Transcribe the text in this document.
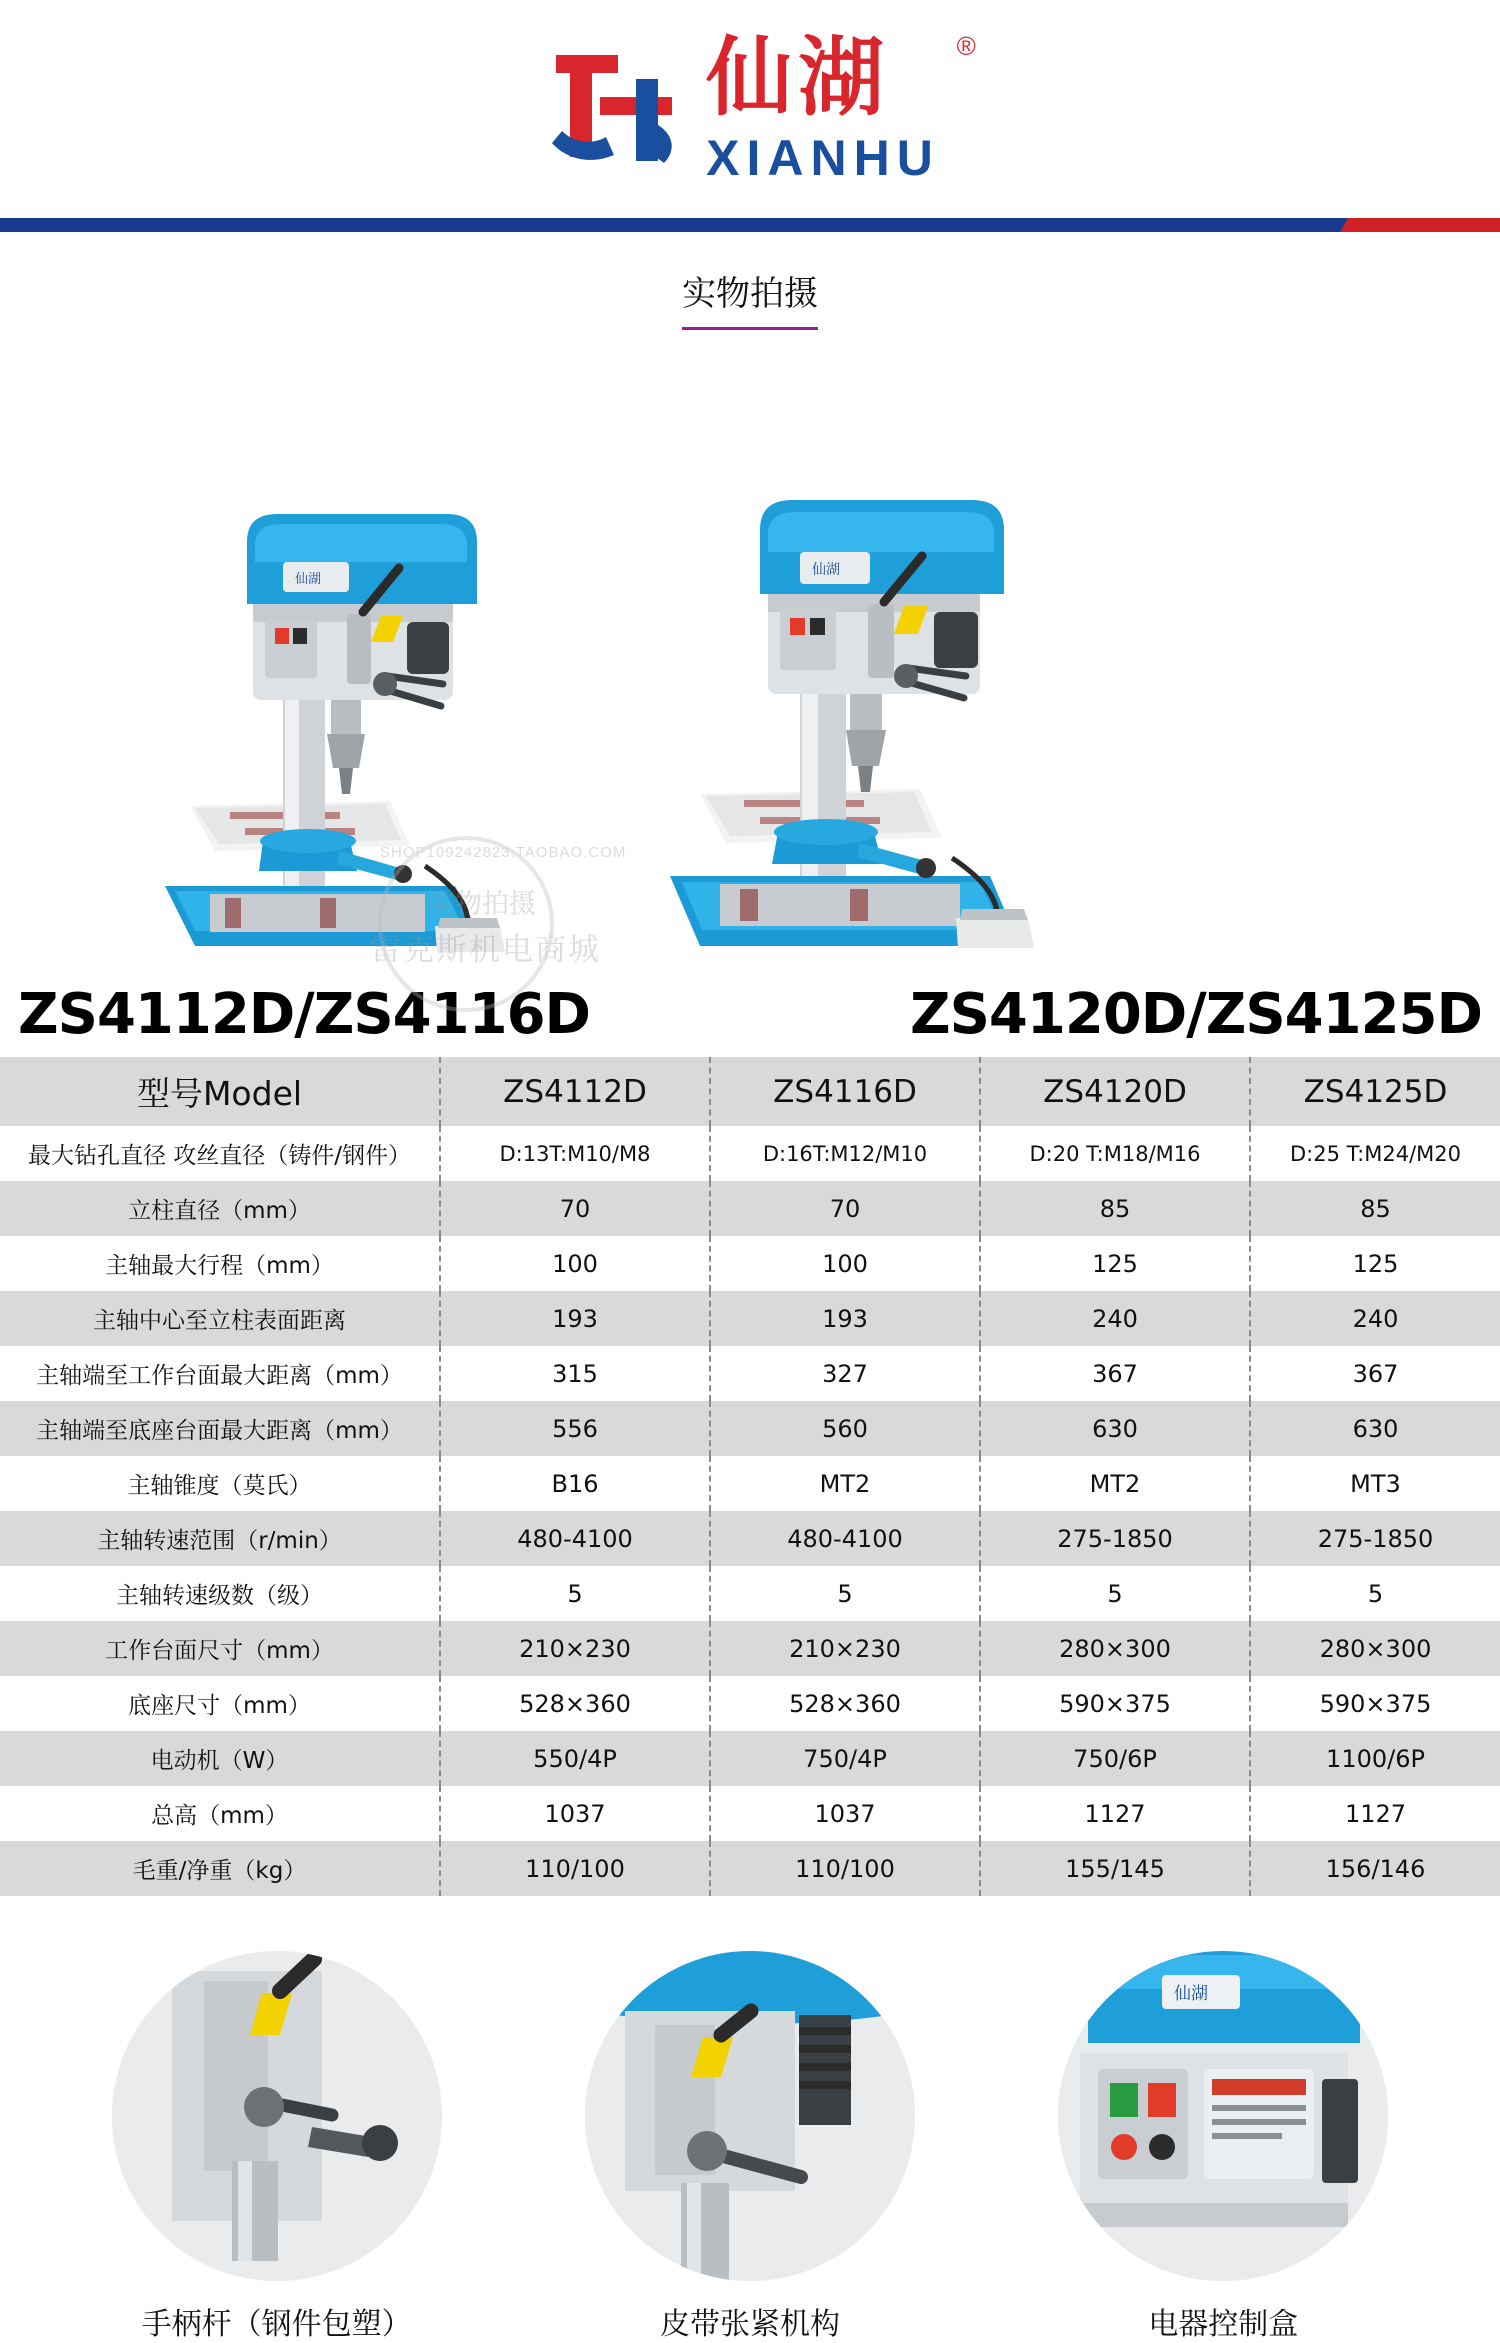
仙湖
XIANHU
®
实物拍摄
仙湖
仙湖
SHOP109242823.TAOBAO.COM
实物拍摄
雷克斯机电商城
ZS4112D/ZS4116D	ZS4120D/ZS4125D
型号Model	ZS4112D	ZS4116D	ZS4120D	ZS4125D
最大钻孔直径 攻丝直径（铸件/钢件）	D:13T:M10/M8	D:16T:M12/M10	D:20 T:M18/M16	D:25 T:M24/M20
立柱直径（mm）	70	70	85	85
主轴最大行程（mm）	100	100	125	125
主轴中心至立柱表面距离	193	193	240	240
主轴端至工作台面最大距离（mm）	315	327	367	367
主轴端至底座台面最大距离（mm）	556	560	630	630
主轴锥度（莫氏）	B16	MT2	MT2	MT3
主轴转速范围（r/min）	480-4100	480-4100	275-1850	275-1850
主轴转速级数（级）	5	5	5	5
工作台面尺寸（mm）	210×230	210×230	280×300	280×300
底座尺寸（mm）	528×360	528×360	590×375	590×375
电动机（W）	550/4P	750/4P	750/6P	1100/6P
总高（mm）	1037	1037	1127	1127
毛重/净重（kg）	110/100	110/100	155/145	156/146
手柄杆（钢件包塑）	皮带张紧机构
仙湖
电器控制盒
